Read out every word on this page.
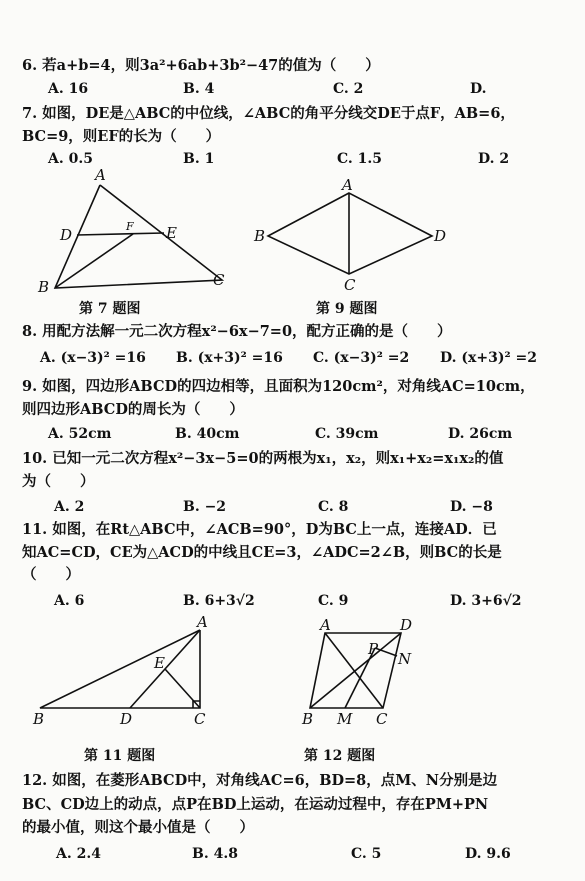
6. 若a+b=4，则3a²+6ab+3b²−47的值为（　　）
A. 16	B. 4	C. 2	D.
7. 如图，DE是△ABC的中位线，∠ABC的角平分线交DE于点F，AB=6，
BC=9，则EF的长为（　　）
A. 0.5	B. 1	C. 1.5	D. 2
A
B	C
D	E
F
第 7 题图
A
B
C
D
第 9 题图
8. 用配方法解一元二次方程x²−6x−7=0，配方正确的是（　　）
A. (x−3)² =16 B. (x+3)² =16 C. (x−3)² =2 D. (x+3)² =2
9. 如图，四边形ABCD的四边相等，且面积为120cm²，对角线AC=10cm，
则四边形ABCD的周长为（　　）
A. 52cm	B. 40cm	C. 39cm	D. 26cm
10. 已知一元二次方程x²−3x−5=0的两根为x₁，x₂，则x₁+x₂=x₁x₂的值
为（　　）
A. 2	B. −2	C. 8	D. −8
11. 如图，在Rt△ABC中，∠ACB=90°，D为BC上一点，连接AD．已
知AC=CD，CE为△ACD的中线且CE=3，∠ADC=2∠B，则BC的长是
（　　）
A. 6	B. 6+3√2	C. 9	D. 3+6√2
A
B	C
D
E
第 11 题图
A
B	C
D
M
N
P
第 12 题图
12. 如图，在菱形ABCD中，对角线AC=6，BD=8，点M、N分别是边
BC、CD边上的动点，点P在BD上运动，在运动过程中，存在PM+PN
的最小值，则这个最小值是（　　）
A. 2.4	B. 4.8	C. 5	D. 9.6
